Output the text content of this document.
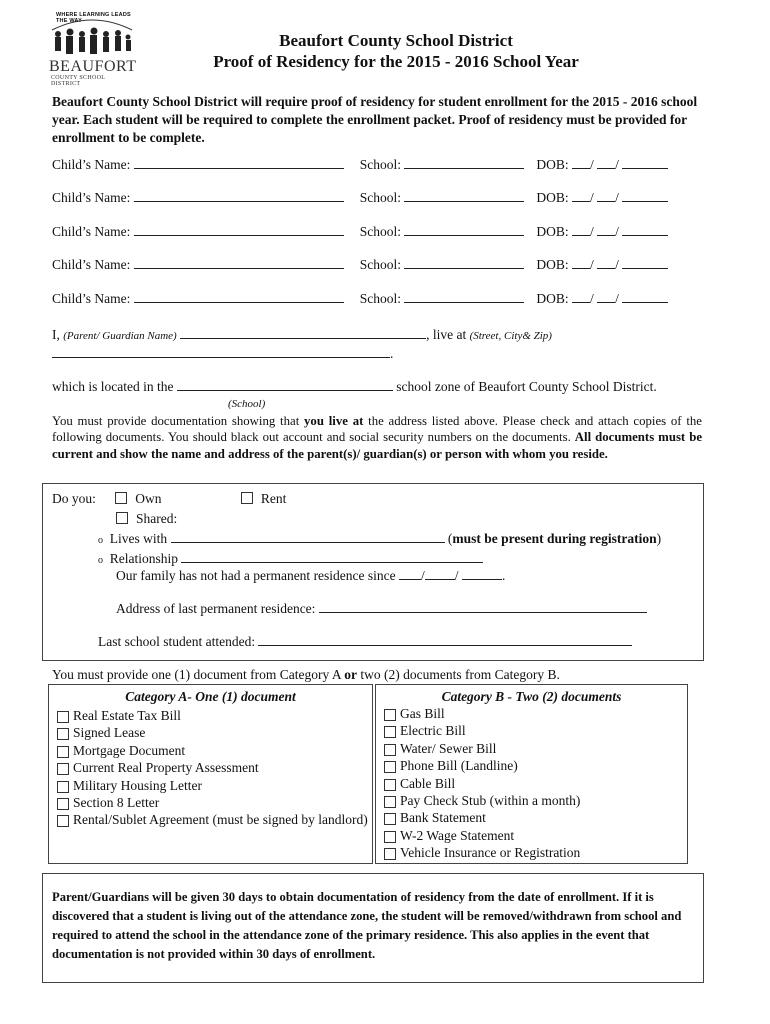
WHERE LEARNING LEADS THE WAY
BEAUFORT
COUNTY SCHOOL DISTRICT
Beaufort County School District
Proof of Residency for the 2015 - 2016 School Year
Beaufort County School District will require proof of residency for student enrollment for the 2015 - 2016 school year. Each student will be required to complete the enrollment packet. Proof of residency must be provided for enrollment to be complete.
Child’s Name:	School:	DOB: / /
Child’s Name:	School:	DOB: / /
Child’s Name:	School:	DOB: / /
Child’s Name:	School:	DOB: / /
Child’s Name:	School:	DOB: / /
I, (Parent/ Guardian Name)	, live at (Street, City& Zip)
.
which is located in the	school zone of Beaufort County School District.
(School)
You must provide documentation showing that you live at the address listed above. Please check and attach copies of the following documents. You should black out account and social security numbers on the documents. All documents must be current and show the name and address of the parent(s)/ guardian(s) or person with whom you reside.
Do you:	Own	Rent
Shared:
o Lives with	(must be present during registration)
o Relationship
Our family has not had a permanent residence since / /	.
Address of last permanent residence:
Last school student attended:
You must provide one (1) document from Category A or two (2) documents from Category B.
Category A- One (1) document
Real Estate Tax Bill
Signed Lease
Mortgage Document
Current Real Property Assessment
Military Housing Letter
Section 8 Letter
Rental/Sublet Agreement (must be signed by landlord)
Category B - Two (2) documents
Gas Bill
Electric Bill
Water/ Sewer Bill
Phone Bill (Landline)
Cable Bill
Pay Check Stub (within a month)
Bank Statement
W-2 Wage Statement
Vehicle Insurance or Registration
Parent/Guardians will be given 30 days to obtain documentation of residency from the date of enrollment. If it is discovered that a student is living out of the attendance zone, the student will be removed/withdrawn from school and required to attend the school in the attendance zone of the primary residence. This also applies in the event that documentation is not provided within 30 days of enrollment.
